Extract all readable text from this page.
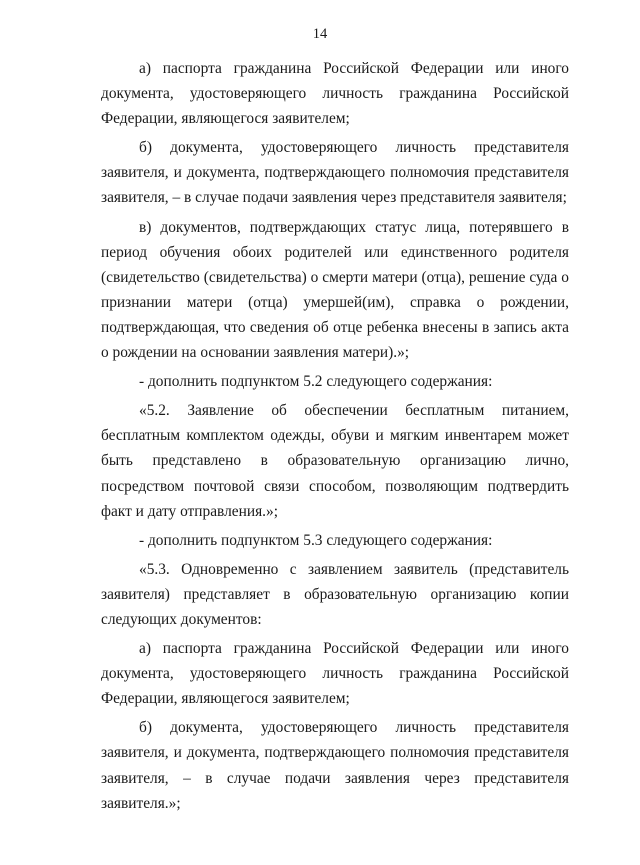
14

а) паспорта гражданина Российской Федерации или иного документа, удостоверяющего личность гражданина Российской Федерации, являющегося заявителем;

б) документа, удостоверяющего личность представителя заявителя, и документа, подтверждающего полномочия представителя заявителя, – в случае подачи заявления через представителя заявителя;

в) документов, подтверждающих статус лица, потерявшего в период обучения обоих родителей или единственного родителя (свидетельство (свидетельства) о смерти матери (отца), решение суда о признании матери (отца) умершей(им), справка о рождении, подтверждающая, что сведения об отце ребенка внесены в запись акта о рождении на основании заявления матери).»;

- дополнить подпунктом 5.2 следующего содержания:

«5.2. Заявление об обеспечении бесплатным питанием, бесплатным комплектом одежды, обуви и мягким инвентарем может быть представлено в образовательную организацию лично, посредством почтовой связи способом, позволяющим подтвердить факт и дату отправления.»;

- дополнить подпунктом 5.3 следующего содержания:

«5.3. Одновременно с заявлением заявитель (представитель заявителя) представляет в образовательную организацию копии следующих документов:

а) паспорта гражданина Российской Федерации или иного документа, удостоверяющего личность гражданина Российской Федерации, являющегося заявителем;

б) документа, удостоверяющего личность представителя заявителя, и документа, подтверждающего полномочия представителя заявителя, – в случае подачи заявления через представителя заявителя.»;
